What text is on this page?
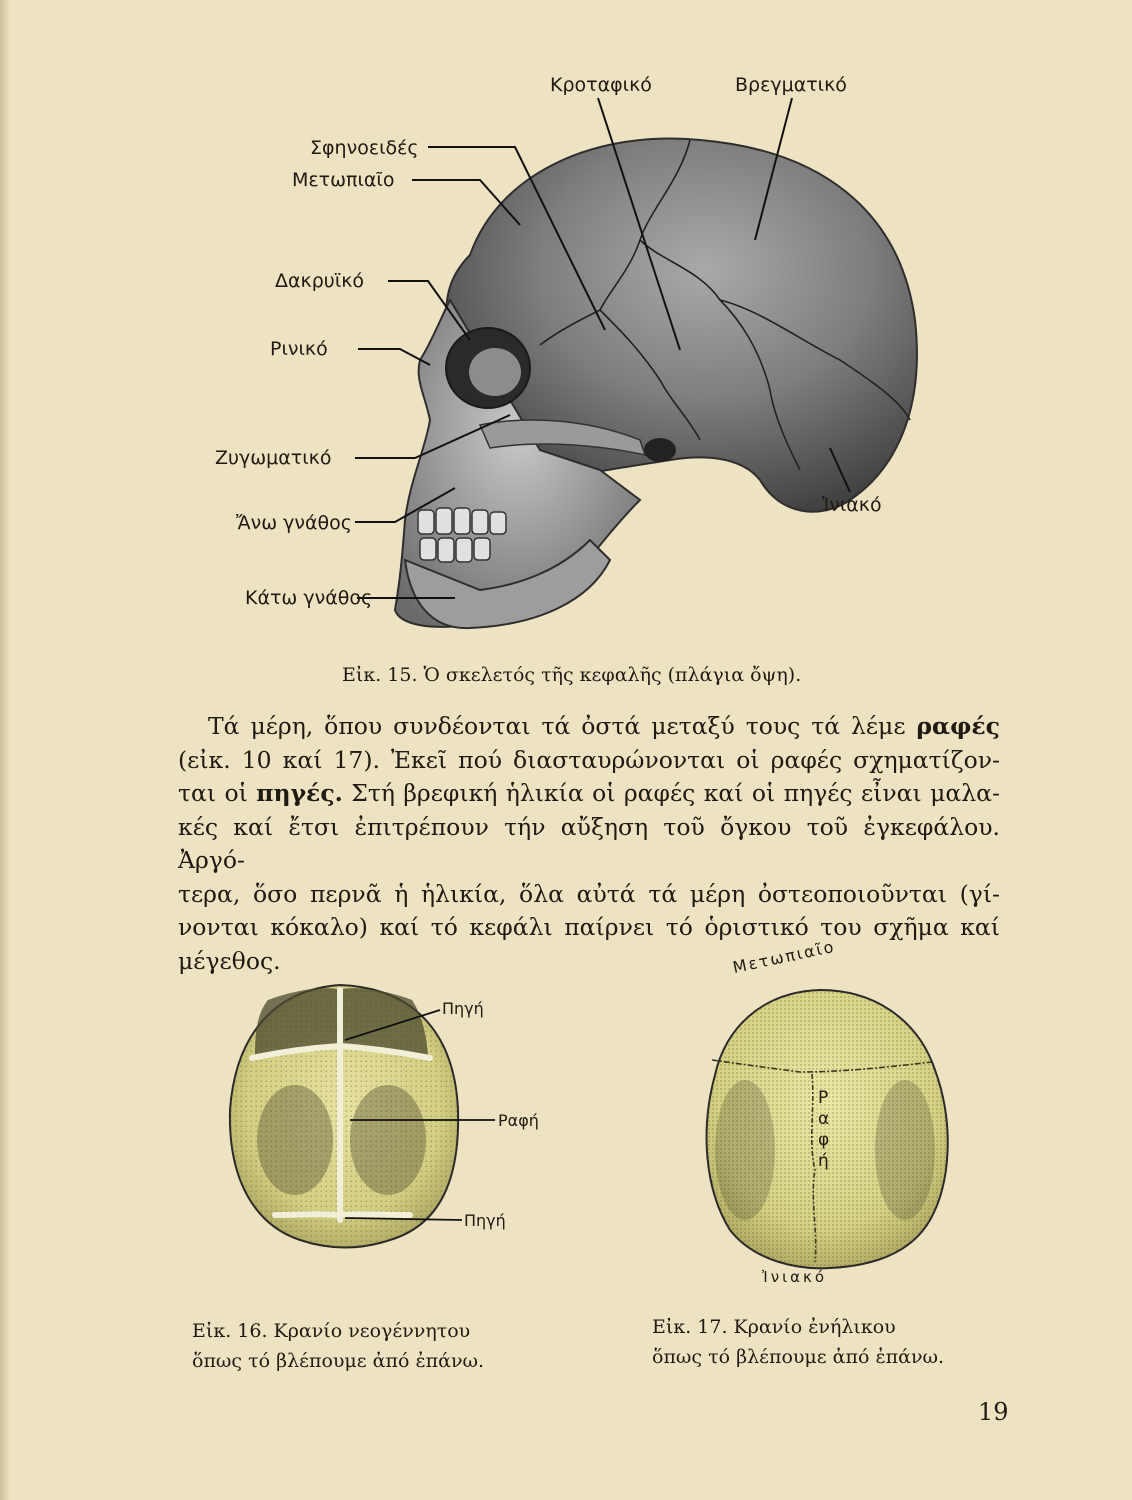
Κροταφικό	Βρεγματικό
Σφηνοειδές
Μετωπιαῖο
Δακρυϊκό
Ρινικό
Ζυγωματικό
Ἄνω γνάθος
Ἰνιακό
Κάτω γνάθος
Εἰκ. 15. Ὁ σκελετός τῆς κεφαλῆς (πλάγια ὄψη).
Τά μέρη, ὅπου συνδέονται τά ὀστά μεταξύ τους τά λέμε ραφές
(εἰκ. 10 καί 17). Ἐκεῖ πού διασταυρώνονται οἱ ραφές σχηματίζον-
ται οἱ πηγές. Στή βρεφική ἡλικία οἱ ραφές καί οἱ πηγές εἶναι μαλα-
κές καί ἔτσι ἐπιτρέπουν τήν αὔξηση τοῦ ὄγκου τοῦ ἐγκεφάλου. Ἀργό-
τερα, ὅσο περνᾶ ἡ ἡλικία, ὅλα αὐτά τά μέρη ὀστεοποιοῦνται (γί-
νονται κόκαλο) καί τό κεφάλι παίρνει τό ὁριστικό του σχῆμα καί
μέγεθος.
Πηγή
Ραφή
Πηγή
Εἰκ. 16. Κρανίο νεογέννητου
ὅπως τό βλέπουμε ἀπό ἐπάνω.
Μετωπιαῖο
Ραφή
Ἰνιακό
Εἰκ. 17. Κρανίο ἐνήλικου
ὅπως τό βλέπουμε ἀπό ἐπάνω.
19
